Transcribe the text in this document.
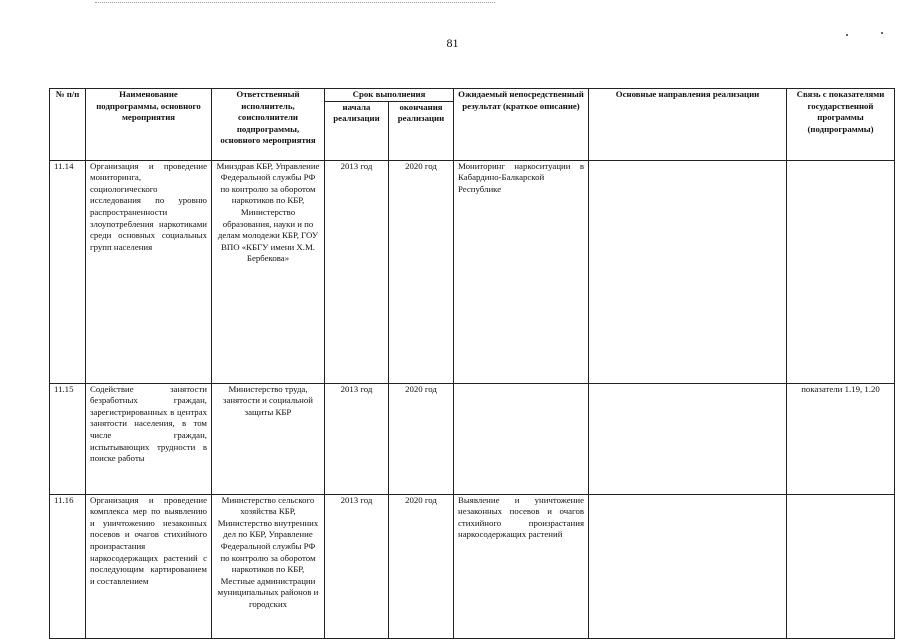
81
№ п/п	Наименование подпрограммы, основного мероприятия	Ответственный исполнитель, соисполнители подпрограммы, основного мероприятия	Срок выполнения		Ожидаемый непосредственный результат (краткое описание)	Основные направления реализации	Связь с показателями государственной программы (подпрограммы)
			начала реализации	окончания реализации			
11.14	Организация и проведение мониторинга, социологического исследования по уровню распространенности злоупотребления наркотиками среди основных социальных групп населения	Минздрав КБР, Управление Федеральной службы РФ по контролю за оборотом наркотиков по КБР, Министерство образования, науки и по делам молодежи КБР, ГОУ ВПО «КБГУ имени Х.М. Бербекова»	2013 год	2020 год	Мониторинг наркоситуации в Кабардино-Балкарской Республике		
11.15	Содействие занятости безработных граждан, зарегистрированных в центрах занятости населения, в том числе граждан, испытывающих трудности в поиске работы	Министерство труда, занятости и социальной защиты КБР	2013 год	2020 год			показатели 1.19, 1.20
11.16	Организация и проведение комплекса мер по выявлению и уничтожению незаконных посевов и очагов стихийного произрастания наркосодержащих растений с последующим картированием и составлением	Министерство сельского хозяйства КБР, Министерство внутренних дел по КБР, Управление Федеральной службы РФ по контролю за оборотом наркотиков по КБР, Местные администрации муниципальных районов и городских	2013 год	2020 год	Выявление и уничтожение незаконных посевов и очагов стихийного произрастания наркосодержащих растений		
